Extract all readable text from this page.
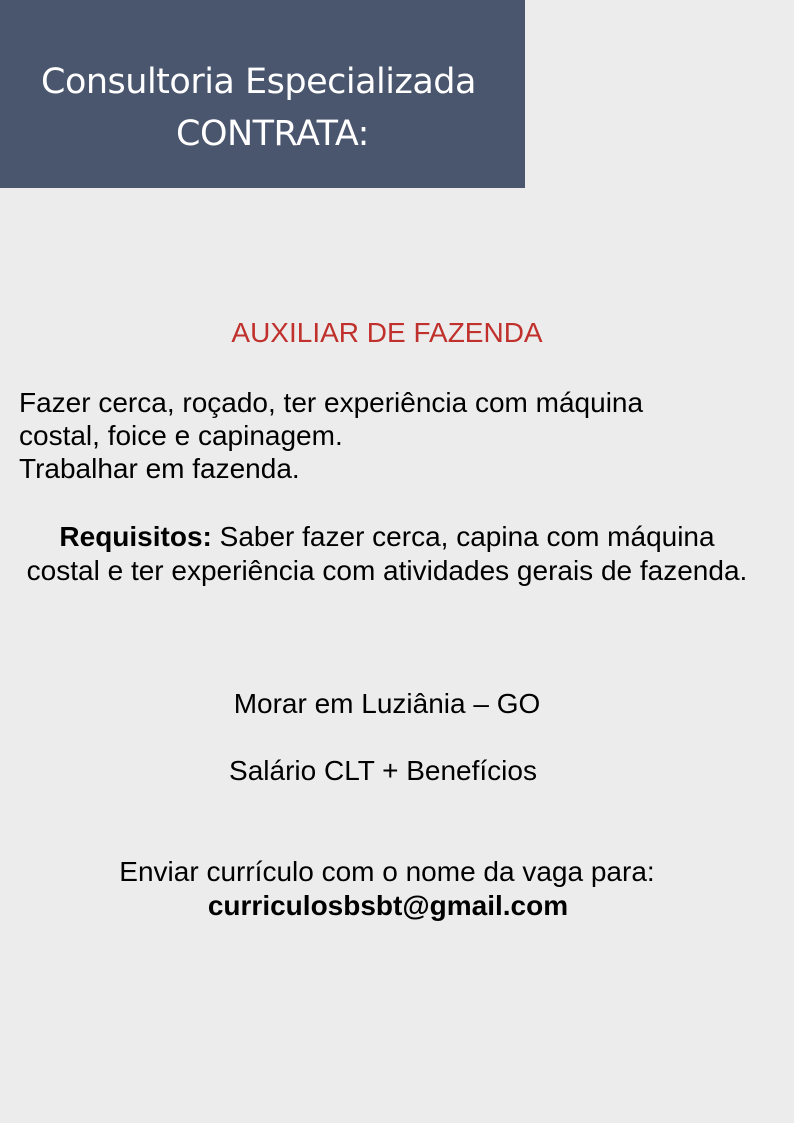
Consultoria Especializada
CONTRATA:
AUXILIAR DE FAZENDA
Fazer cerca, roçado, ter experiência com máquina
costal, foice e capinagem.
Trabalhar em fazenda.
Requisitos: Saber fazer cerca, capina com máquina costal e ter experiência com atividades gerais de fazenda.
Morar em Luziânia – GO
Salário CLT + Benefícios
Enviar currículo com o nome da vaga para:
curriculosbsbt@gmail.com
